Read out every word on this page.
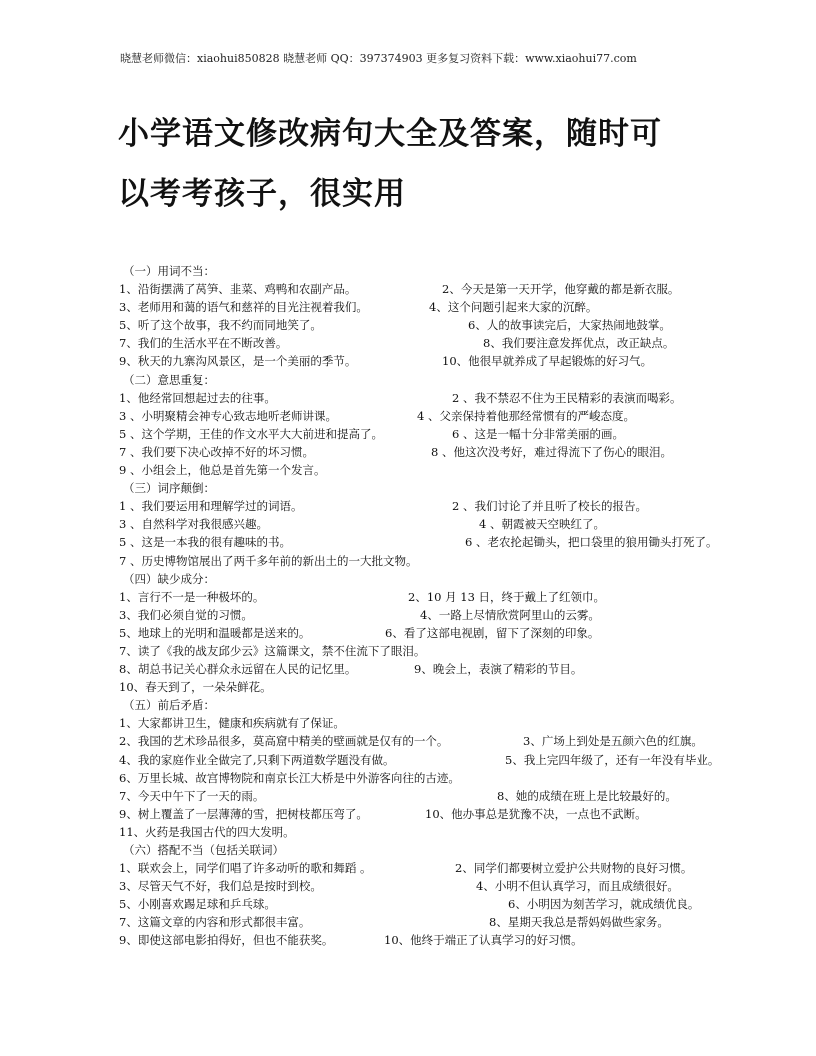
晓慧老师微信：xiaohui850828 晓慧老师 QQ：397374903 更多复习资料下载：www.xiaohui77.com
小学语文修改病句大全及答案，随时可
以考考孩子，很实用
（一）用词不当：
1、沿街摆满了莴笋、韭菜、鸡鸭和农副产品。	2、今天是第一天开学，他穿戴的都是新衣服。
3、老师用和蔼的语气和慈祥的目光注视着我们。	4、这个问题引起来大家的沉醉。
5、听了这个故事，我不约而同地笑了。	6、人的故事读完后，大家热闹地鼓掌。
7、我们的生活水平在不断改善。	8、我们要注意发挥优点，改正缺点。
9、秋天的九寨沟风景区，是一个美丽的季节。	10、他很早就养成了早起锻炼的好习气。
（二）意思重复：
1、他经常回想起过去的往事。	2 、我不禁忍不住为王民精彩的表演而喝彩。
3 、小明聚精会神专心致志地听老师讲课。	4 、父亲保持着他那经常惯有的严峻态度。
5 、这个学期，王佳的作文水平大大前进和提高了。	6 、这是一幅十分非常美丽的画。
7 、我们要下决心改掉不好的坏习惯。	8 、他这次没考好，难过得流下了伤心的眼泪。
9 、小组会上，他总是首先第一个发言。
（三）词序颠倒：
1 、我们要运用和理解学过的词语。	2 、我们讨论了并且听了校长的报告。
3 、自然科学对我很感兴趣。	4 、朝霞被天空映红了。
5 、这是一本我的很有趣味的书。	6 、老农抡起锄头，把口袋里的狼用锄头打死了。
7 、历史博物馆展出了两千多年前的新出土的一大批文物。
（四）缺少成分：
1、言行不一是一种极坏的。	2、10 月 13 日，终于戴上了红领巾。
3、我们必须自觉的习惯。	4、一路上尽情欣赏阿里山的云雾。
5、地球上的光明和温暖都是送来的。	6、看了这部电视剧，留下了深刻的印象。
7、读了《我的战友邱少云》这篇课文，禁不住流下了眼泪。
8、胡总书记关心群众永远留在人民的记忆里。	9、晚会上，表演了精彩的节目。
10、春天到了，一朵朵鲜花。
（五）前后矛盾：
1、大家都讲卫生，健康和疾病就有了保证。
2、我国的艺术珍品很多，莫高窟中精美的壁画就是仅有的一个。	3、广场上到处是五颜六色的红旗。
4、我的家庭作业全做完了,只剩下两道数学题没有做。	5、我上完四年级了，还有一年没有毕业。
6、万里长城、故宫博物院和南京长江大桥是中外游客向往的古迹。
7、今天中午下了一天的雨。	8、她的成绩在班上是比较最好的。
9、树上覆盖了一层薄薄的雪，把树枝都压弯了。	10、他办事总是犹豫不决，一点也不武断。
11、火药是我国古代的四大发明。
（六）搭配不当（包括关联词）
1、联欢会上，同学们唱了许多动听的歌和舞蹈 。	2、同学们都要树立爱护公共财物的良好习惯。
3、尽管天气不好，我们总是按时到校。	4、小明不但认真学习，而且成绩很好。
5、小刚喜欢踢足球和乒乓球。	6、小明因为刻苦学习，就成绩优良。
7、这篇文章的内容和形式都很丰富。	8、星期天我总是帮妈妈做些家务。
9、即使这部电影拍得好，但也不能获奖。	10、他终于端正了认真学习的好习惯。
